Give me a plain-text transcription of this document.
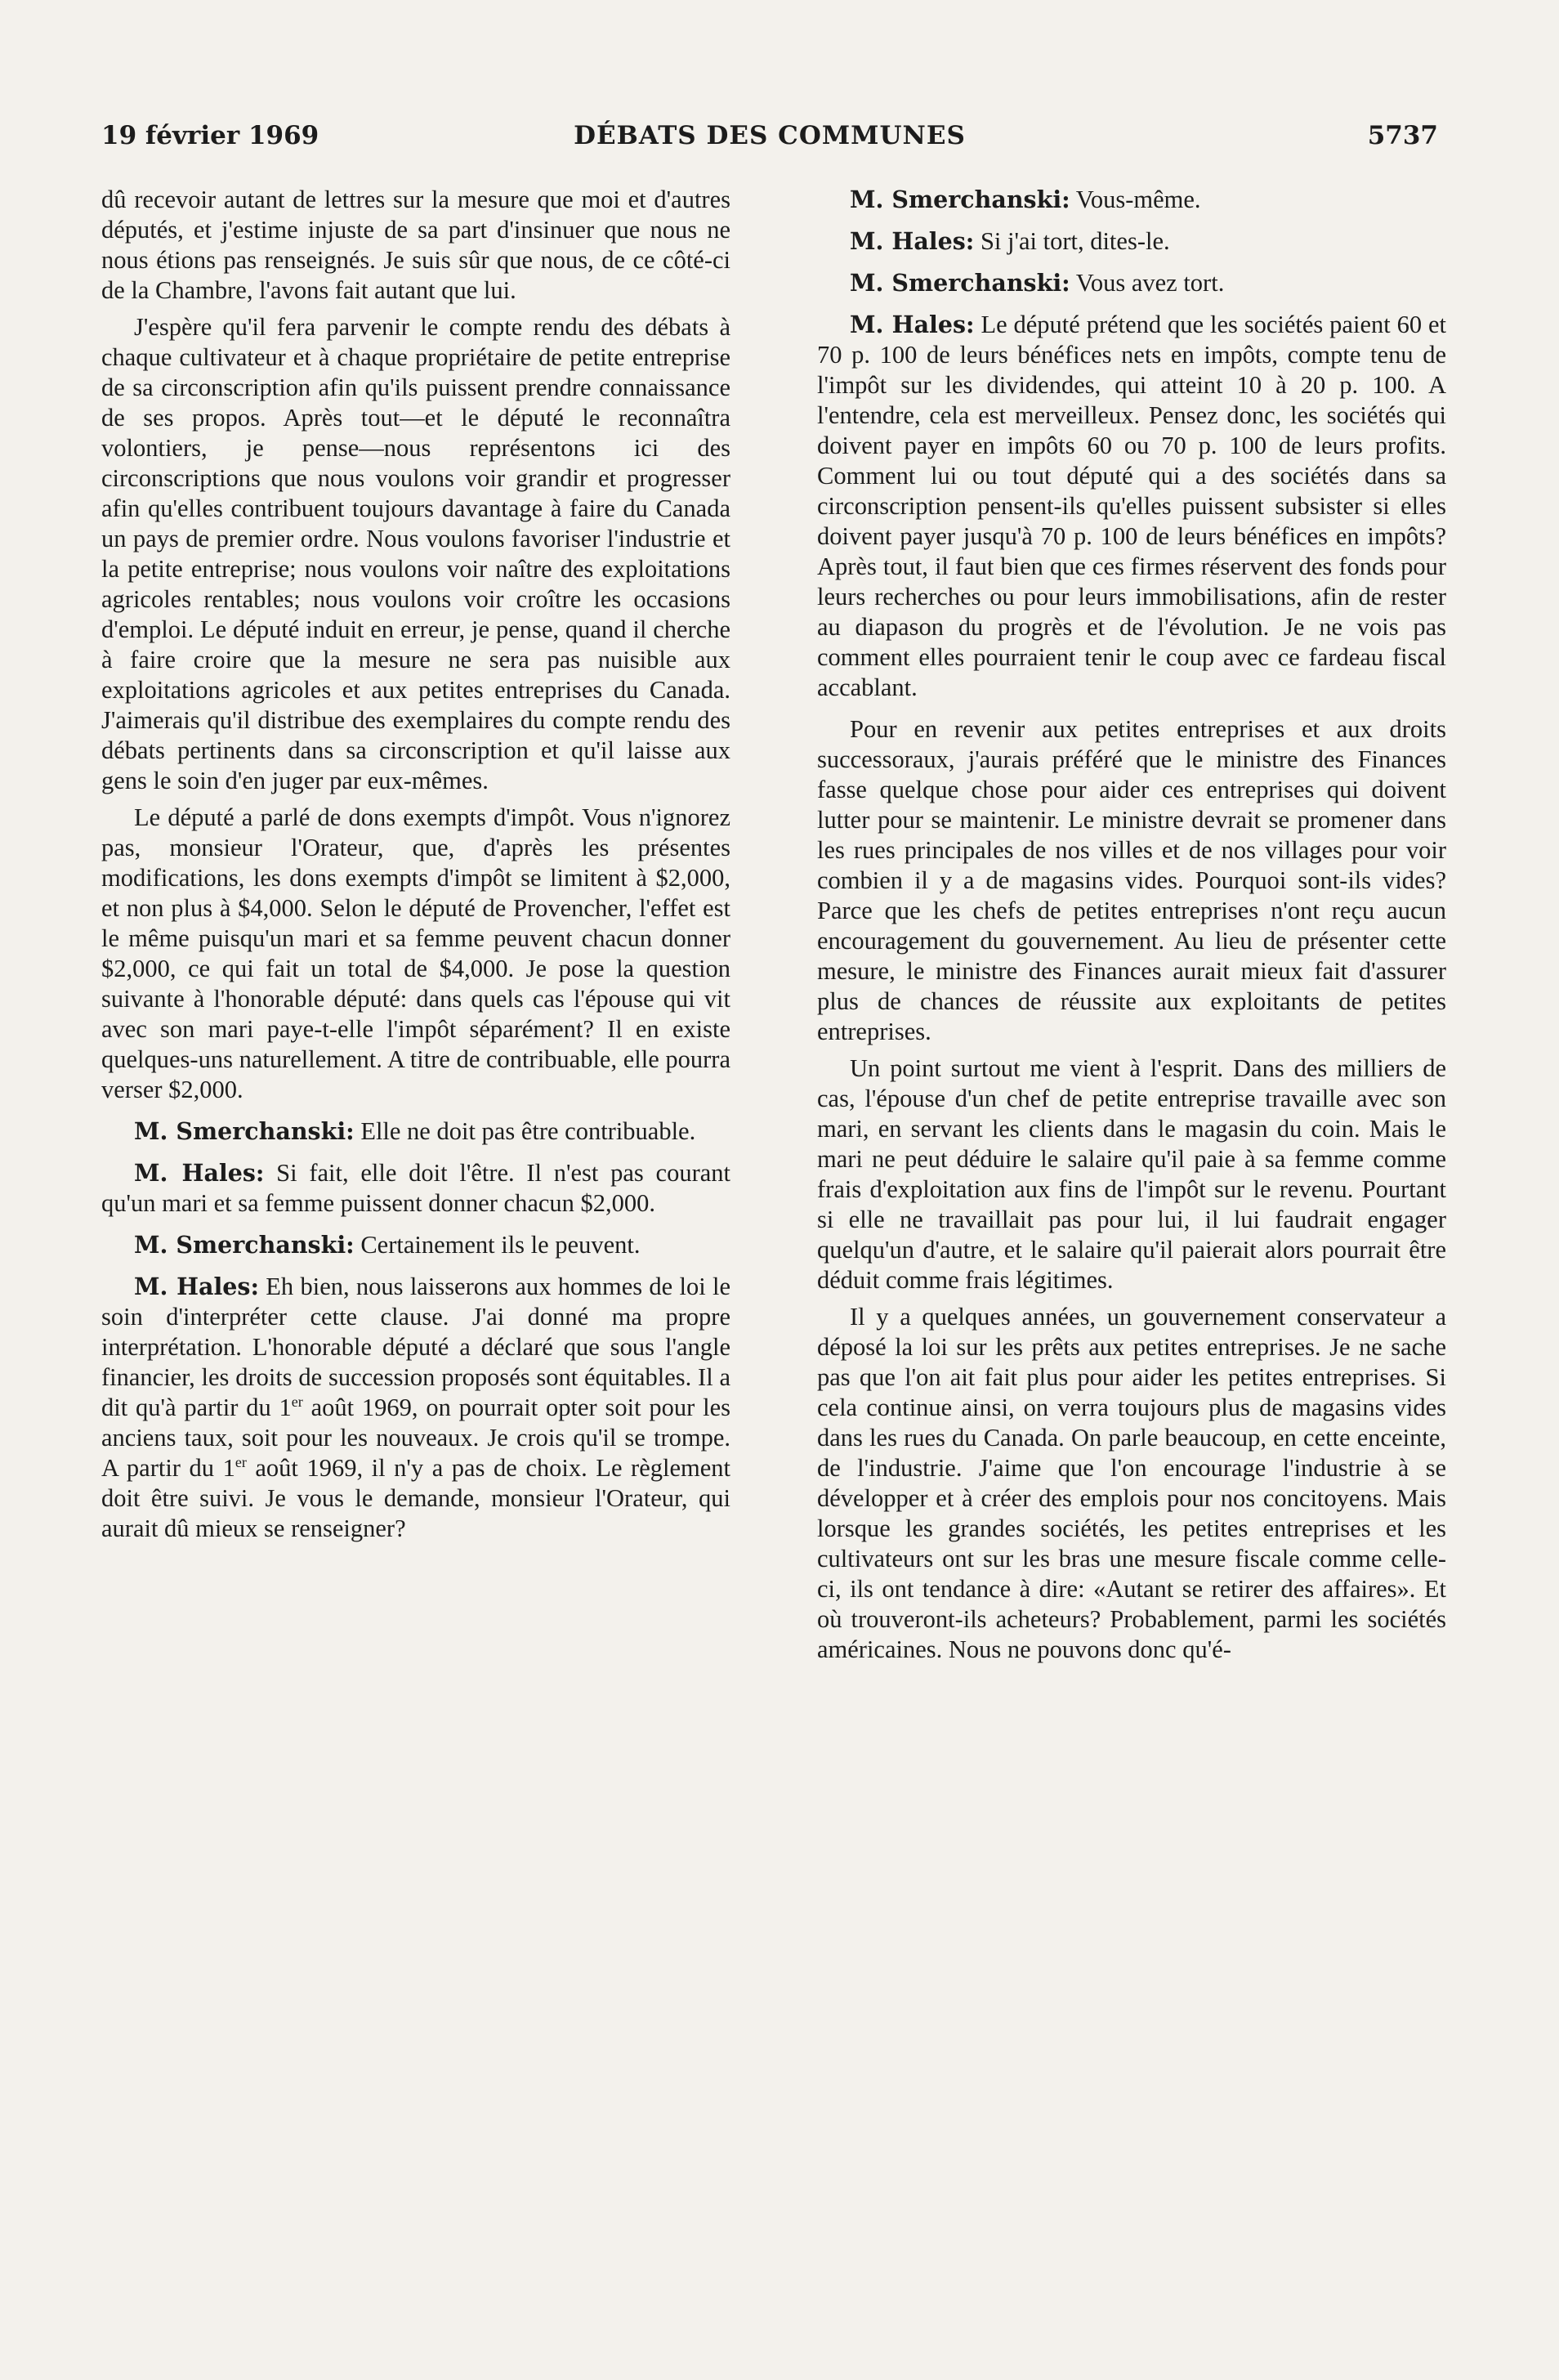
19 février 1969	DÉBATS DES COMMUNES	5737

dû recevoir autant de lettres sur la mesure que moi et d'autres députés, et j'estime injuste de sa part d'insinuer que nous ne nous étions pas renseignés. Je suis sûr que nous, de ce côté-ci de la Chambre, l'avons fait autant que lui.

J'espère qu'il fera parvenir le compte rendu des débats à chaque cultivateur et à chaque propriétaire de petite entreprise de sa circonscription afin qu'ils puissent prendre connaissance de ses propos. Après tout—et le député le reconnaîtra volontiers, je pense—nous représentons ici des circonscriptions que nous voulons voir grandir et progresser afin qu'elles contribuent toujours davantage à faire du Canada un pays de premier ordre. Nous voulons favoriser l'industrie et la petite entreprise; nous voulons voir naître des exploitations agricoles rentables; nous voulons voir croître les occasions d'emploi. Le député induit en erreur, je pense, quand il cherche à faire croire que la mesure ne sera pas nuisible aux exploitations agricoles et aux petites entreprises du Canada. J'aimerais qu'il distribue des exemplaires du compte rendu des débats pertinents dans sa circonscription et qu'il laisse aux gens le soin d'en juger par eux-mêmes.

Le député a parlé de dons exempts d'impôt. Vous n'ignorez pas, monsieur l'Orateur, que, d'après les présentes modifications, les dons exempts d'impôt se limitent à $2,000, et non plus à $4,000. Selon le député de Provencher, l'effet est le même puisqu'un mari et sa femme peuvent chacun donner $2,000, ce qui fait un total de $4,000. Je pose la question suivante à l'honorable député: dans quels cas l'épouse qui vit avec son mari paye-t-elle l'impôt séparément? Il en existe quelques-uns naturellement. A titre de contribuable, elle pourra verser $2,000.

M. Smerchanski: Elle ne doit pas être contribuable.

M. Hales: Si fait, elle doit l'être. Il n'est pas courant qu'un mari et sa femme puissent donner chacun $2,000.

M. Smerchanski: Certainement ils le peuvent.

M. Hales: Eh bien, nous laisserons aux hommes de loi le soin d'interpréter cette clause. J'ai donné ma propre interprétation. L'honorable député a déclaré que sous l'angle financier, les droits de succession proposés sont équitables. Il a dit qu'à partir du 1er août 1969, on pourrait opter soit pour les anciens taux, soit pour les nouveaux. Je crois qu'il se trompe. A partir du 1er août 1969, il n'y a pas de choix. Le règlement doit être suivi. Je vous le demande, monsieur l'Orateur, qui aurait dû mieux se renseigner?

M. Smerchanski: Vous-même.

M. Hales: Si j'ai tort, dites-le.

M. Smerchanski: Vous avez tort.

M. Hales: Le député prétend que les sociétés paient 60 et 70 p. 100 de leurs bénéfices nets en impôts, compte tenu de l'impôt sur les dividendes, qui atteint 10 à 20 p. 100. A l'entendre, cela est merveilleux. Pensez donc, les sociétés qui doivent payer en impôts 60 ou 70 p. 100 de leurs profits. Comment lui ou tout député qui a des sociétés dans sa circonscription pensent-ils qu'elles puissent subsister si elles doivent payer jusqu'à 70 p. 100 de leurs bénéfices en impôts? Après tout, il faut bien que ces firmes réservent des fonds pour leurs recherches ou pour leurs immobilisations, afin de rester au diapason du progrès et de l'évolution. Je ne vois pas comment elles pourraient tenir le coup avec ce fardeau fiscal accablant.

Pour en revenir aux petites entreprises et aux droits successoraux, j'aurais préféré que le ministre des Finances fasse quelque chose pour aider ces entreprises qui doivent lutter pour se maintenir. Le ministre devrait se promener dans les rues principales de nos villes et de nos villages pour voir combien il y a de magasins vides. Pourquoi sont-ils vides? Parce que les chefs de petites entreprises n'ont reçu aucun encouragement du gouvernement. Au lieu de présenter cette mesure, le ministre des Finances aurait mieux fait d'assurer plus de chances de réussite aux exploitants de petites entreprises.

Un point surtout me vient à l'esprit. Dans des milliers de cas, l'épouse d'un chef de petite entreprise travaille avec son mari, en servant les clients dans le magasin du coin. Mais le mari ne peut déduire le salaire qu'il paie à sa femme comme frais d'exploitation aux fins de l'impôt sur le revenu. Pourtant si elle ne travaillait pas pour lui, il lui faudrait engager quelqu'un d'autre, et le salaire qu'il paierait alors pourrait être déduit comme frais légitimes.

Il y a quelques années, un gouvernement conservateur a déposé la loi sur les prêts aux petites entreprises. Je ne sache pas que l'on ait fait plus pour aider les petites entreprises. Si cela continue ainsi, on verra toujours plus de magasins vides dans les rues du Canada. On parle beaucoup, en cette enceinte, de l'industrie. J'aime que l'on encourage l'industrie à se développer et à créer des emplois pour nos concitoyens. Mais lorsque les grandes sociétés, les petites entreprises et les cultivateurs ont sur les bras une mesure fiscale comme celle-ci, ils ont tendance à dire: «Autant se retirer des affaires». Et où trouveront-ils acheteurs? Probablement, parmi les sociétés américaines. Nous ne pouvons donc qu'é-
